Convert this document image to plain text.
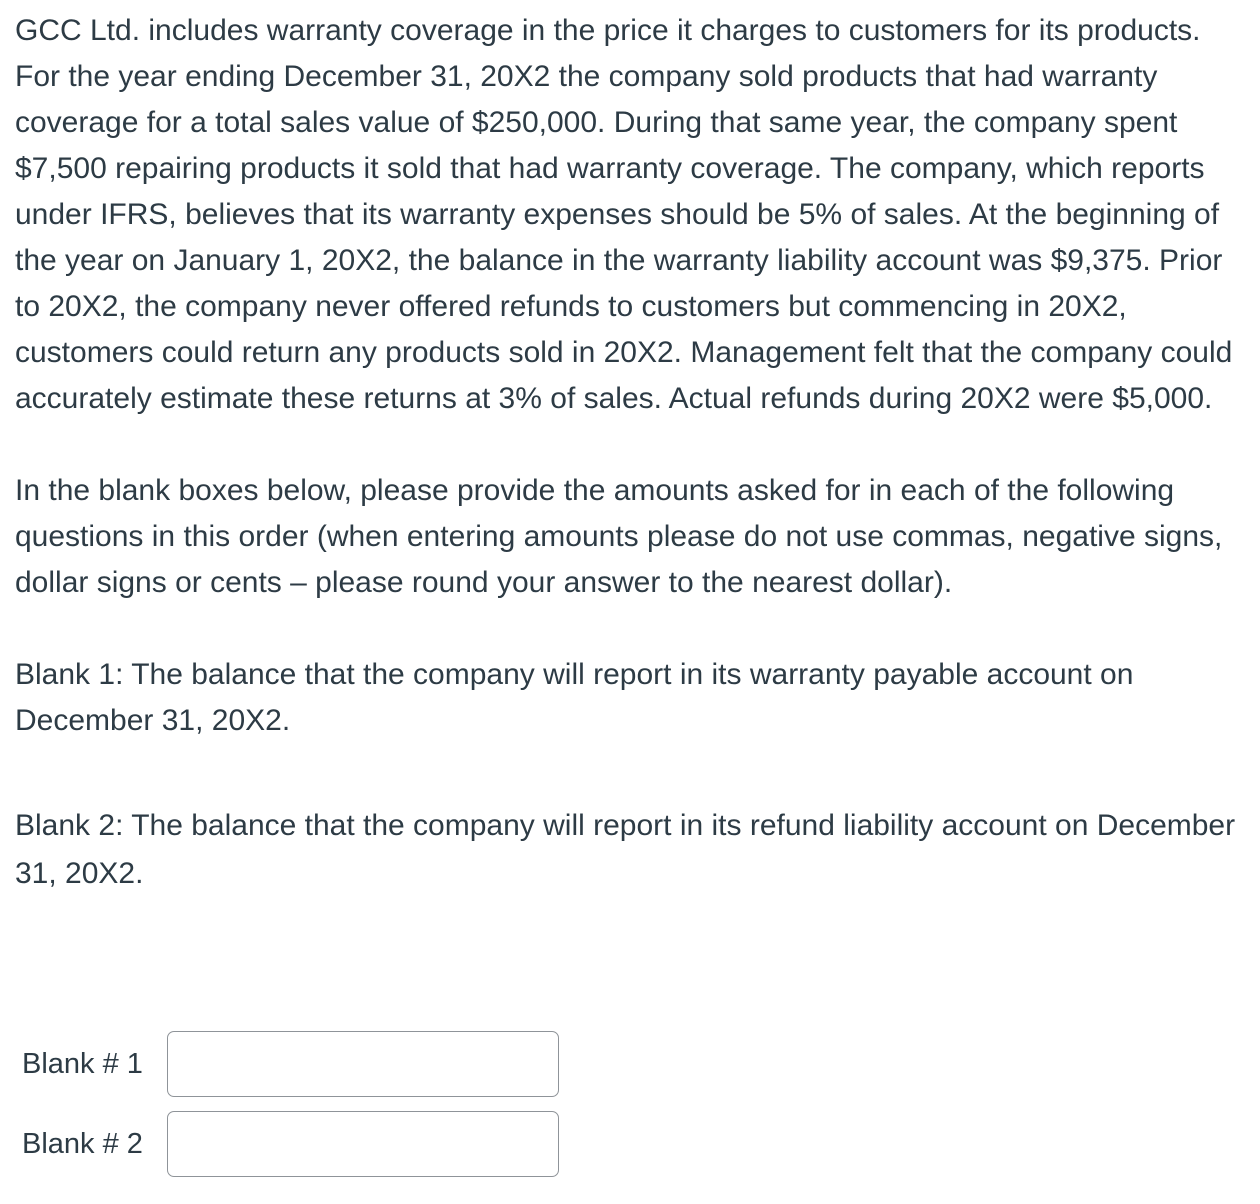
GCC Ltd. includes warranty coverage in the price it charges to customers for its products. For the year ending December 31, 20X2 the company sold products that had warranty coverage for a total sales value of $250,000. During that same year, the company spent $7,500 repairing products it sold that had warranty coverage. The company, which reports under IFRS, believes that its warranty expenses should be 5% of sales. At the beginning of the year on January 1, 20X2, the balance in the warranty liability account was $9,375. Prior to 20X2, the company never offered refunds to customers but commencing in 20X2, customers could return any products sold in 20X2. Management felt that the company could accurately estimate these returns at 3% of sales. Actual refunds during 20X2 were $5,000.

In the blank boxes below, please provide the amounts asked for in each of the following questions in this order (when entering amounts please do not use commas, negative signs, dollar signs or cents – please round your answer to the nearest dollar).

Blank 1: The balance that the company will report in its warranty payable account on December 31, 20X2.

Blank 2: The balance that the company will report in its refund liability account on December 31, 20X2.

Blank # 1
Blank # 2
